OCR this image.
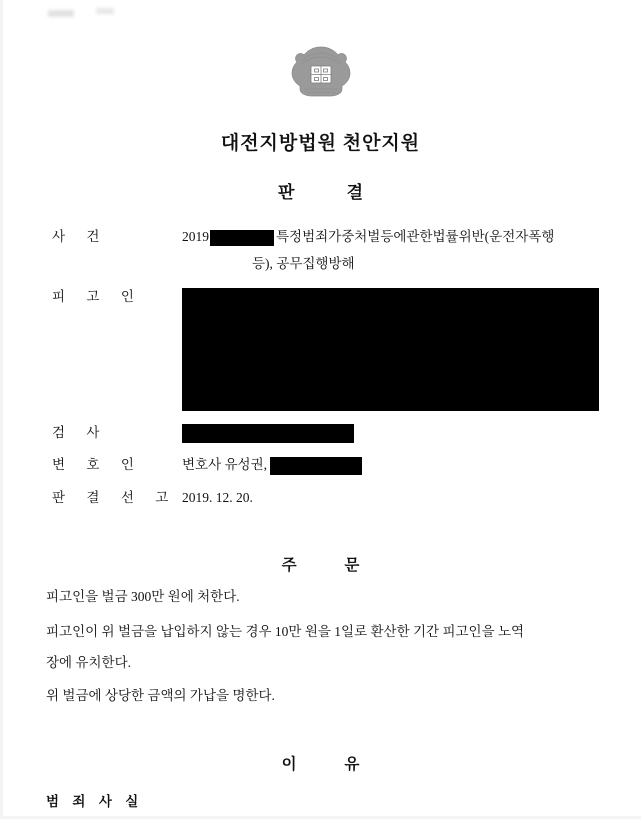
대전지방법원 천안지원
판 결
사 건	2019	특정범죄가중처벌등에관한법률위반(운전자폭행
등), 공무집행방해
피 고 인
검 사
변 호 인	변호사 유성권,
판 결 선 고 2019. 12. 20.
주 문
피고인을 벌금 300만 원에 처한다.
피고인이 위 벌금을 납입하지 않는 경우 10만 원을 1일로 환산한 기간 피고인을 노역
장에 유치한다.
위 벌금에 상당한 금액의 가납을 명한다.
이 유
범 죄 사 실
